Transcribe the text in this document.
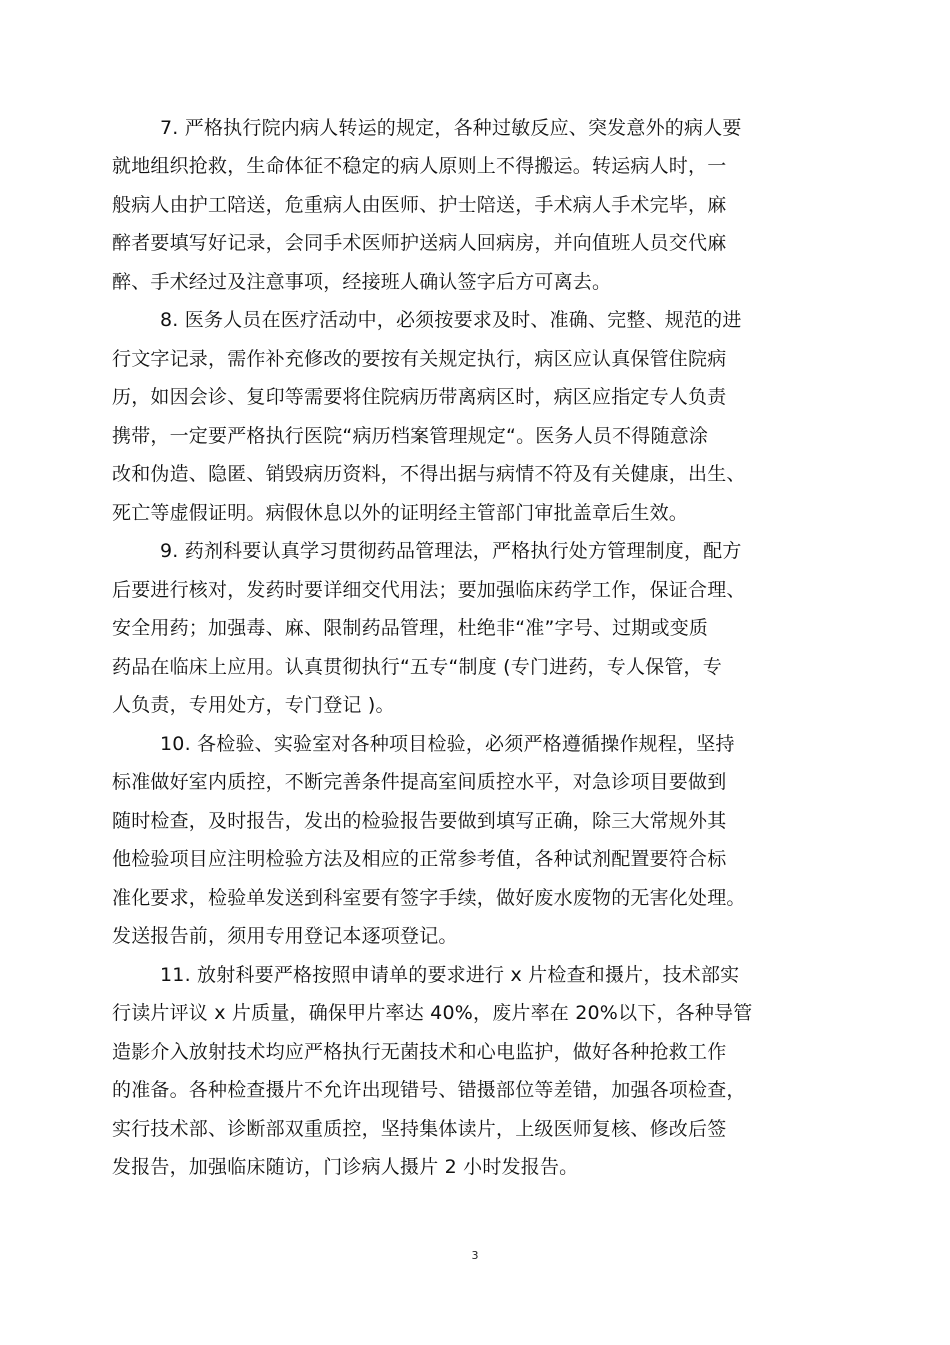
7. 严格执行院内病人转运的规定，各种过敏反应、突发意外的病人要
就地组织抢救，生命体征不稳定的病人原则上不得搬运。转运病人时，一
般病人由护工陪送，危重病人由医师、护士陪送，手术病人手术完毕，麻
醉者要填写好记录，会同手术医师护送病人回病房，并向值班人员交代麻
醉、手术经过及注意事项，经接班人确认签字后方可离去。
8. 医务人员在医疗活动中，必须按要求及时、准确、完整、规范的进
行文字记录，需作补充修改的要按有关规定执行，病区应认真保管住院病
历，如因会诊、复印等需要将住院病历带离病区时，病区应指定专人负责
携带，一定要严格执行医院“病历档案管理规定“。医务人员不得随意涂
改和伪造、隐匿、销毁病历资料，不得出据与病情不符及有关健康，出生、
死亡等虚假证明。病假休息以外的证明经主管部门审批盖章后生效。
9. 药剂科要认真学习贯彻药品管理法，严格执行处方管理制度，配方
后要进行核对，发药时要详细交代用法；要加强临床药学工作，保证合理、
安全用药；加强毒、麻、限制药品管理，杜绝非“准”字号、过期或变质
药品在临床上应用。认真贯彻执行“五专“制度 (专门进药，专人保管，专
人负责，专用处方，专门登记 )。
10. 各检验、实验室对各种项目检验，必须严格遵循操作规程，坚持
标准做好室内质控，不断完善条件提高室间质控水平，对急诊项目要做到
随时检查，及时报告，发出的检验报告要做到填写正确，除三大常规外其
他检验项目应注明检验方法及相应的正常参考值，各种试剂配置要符合标
准化要求，检验单发送到科室要有签字手续，做好废水废物的无害化处理。
发送报告前，须用专用登记本逐项登记。
11. 放射科要严格按照申请单的要求进行 x 片检查和摄片，技术部实
行读片评议 x 片质量，确保甲片率达 40%，废片率在 20%以下，各种导管
造影介入放射技术均应严格执行无菌技术和心电监护，做好各种抢救工作
的准备。各种检查摄片不允许出现错号、错摄部位等差错，加强各项检查，
实行技术部、诊断部双重质控，坚持集体读片，上级医师复核、修改后签
发报告，加强临床随访，门诊病人摄片 2 小时发报告。
3
